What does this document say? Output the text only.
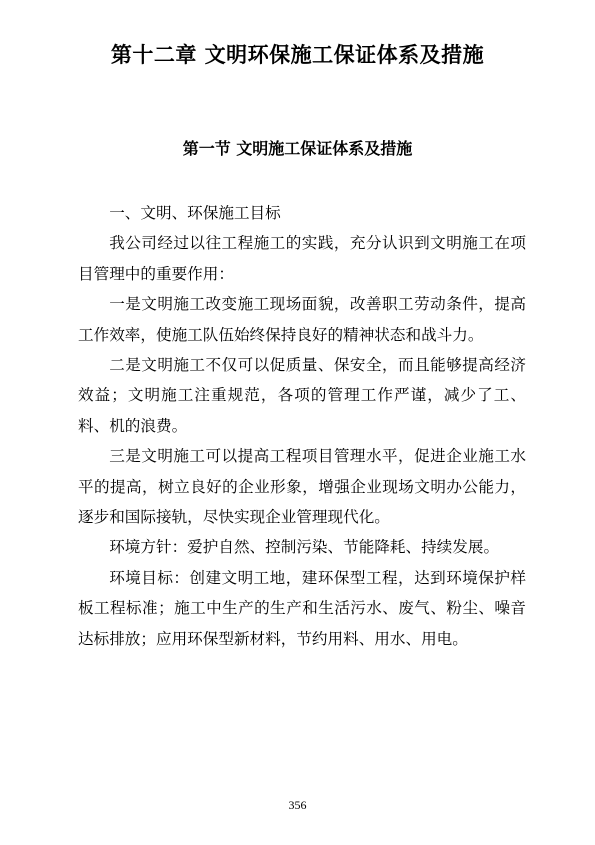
第十二章 文明环保施工保证体系及措施
第一节 文明施工保证体系及措施

一、文明、环保施工目标

我公司经过以往工程施工的实践，充分认识到文明施工在项目管理中的重要作用：

一是文明施工改变施工现场面貌，改善职工劳动条件，提高工作效率，使施工队伍始终保持良好的精神状态和战斗力。

二是文明施工不仅可以促质量、保安全，而且能够提高经济效益；文明施工注重规范，各项的管理工作严谨，减少了工、料、机的浪费。

三是文明施工可以提高工程项目管理水平，促进企业施工水平的提高，树立良好的企业形象，增强企业现场文明办公能力，逐步和国际接轨，尽快实现企业管理现代化。

环境方针：爱护自然、控制污染、节能降耗、持续发展。

环境目标：创建文明工地，建环保型工程，达到环境保护样板工程标准；施工中生产的生产和生活污水、废气、粉尘、噪音达标排放；应用环保型新材料，节约用料、用水、用电。

356
